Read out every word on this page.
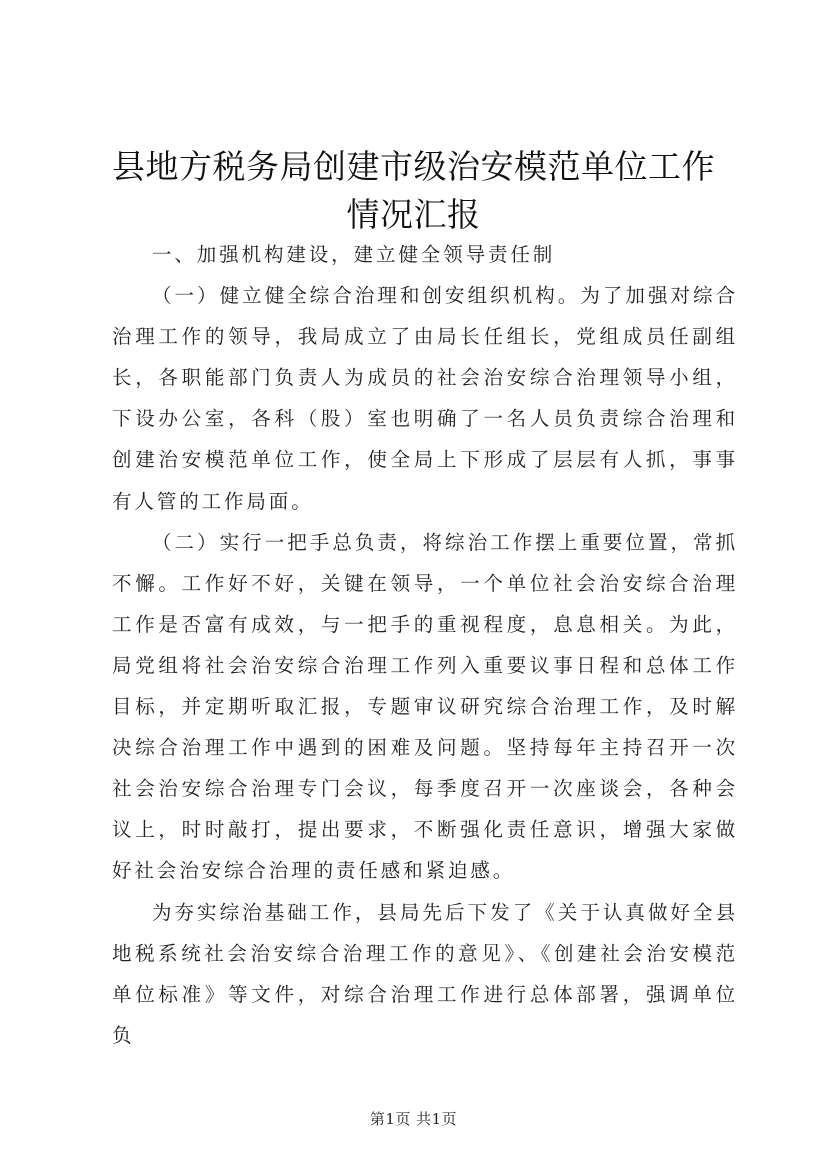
县地方税务局创建市级治安模范单位工作情况汇报

一、加强机构建设，建立健全领导责任制

（一）健立健全综合治理和创安组织机构。为了加强对综合治理工作的领导，我局成立了由局长任组长，党组成员任副组长，各职能部门负责人为成员的社会治安综合治理领导小组，下设办公室，各科（股）室也明确了一名人员负责综合治理和创建治安模范单位工作，使全局上下形成了层层有人抓，事事有人管的工作局面。

（二）实行一把手总负责，将综治工作摆上重要位置，常抓不懈。工作好不好，关键在领导，一个单位社会治安综合治理工作是否富有成效，与一把手的重视程度，息息相关。为此，局党组将社会治安综合治理工作列入重要议事日程和总体工作目标，并定期听取汇报，专题审议研究综合治理工作，及时解决综合治理工作中遇到的困难及问题。坚持每年主持召开一次社会治安综合治理专门会议，每季度召开一次座谈会，各种会议上，时时敲打，提出要求，不断强化责任意识，增强大家做好社会治安综合治理的责任感和紧迫感。

为夯实综治基础工作，县局先后下发了《关于认真做好全县地税系统社会治安综合治理工作的意见》、《创建社会治安模范单位标准》等文件，对综合治理工作进行总体部署，强调单位负

第1页 共1页
